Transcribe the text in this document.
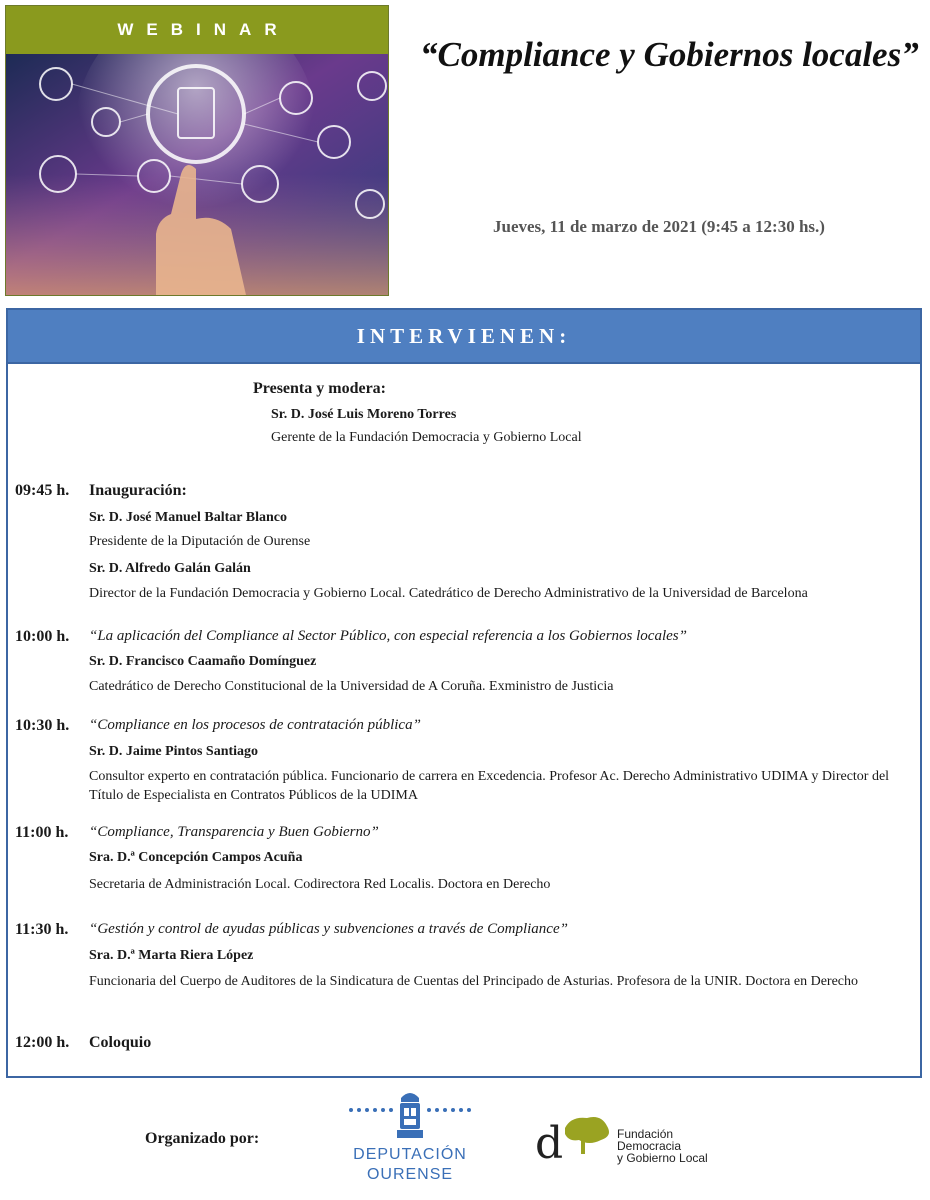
WEBINAR
“Compliance y Gobiernos locales”
Jueves, 11 de marzo de 2021 (9:45 a 12:30 hs.)
INTERVIENEN:
Presenta y modera:
Sr. D. José Luis Moreno Torres
Gerente de la Fundación Democracia y Gobierno Local
09:45 h. Inauguración:
Sr. D. José Manuel Baltar Blanco
Presidente de la Diputación de Ourense
Sr. D. Alfredo Galán Galán
Director de la Fundación Democracia y Gobierno Local. Catedrático de Derecho Administrativo de la Universidad de Barcelona
10:00 h. “La aplicación del Compliance al Sector Público, con especial referencia a los Gobiernos locales”
Sr. D. Francisco Caamaño Domínguez
Catedrático de Derecho Constitucional de la Universidad de A Coruña. Exministro de Justicia
10:30 h. “Compliance en los procesos de contratación pública”
Sr. D. Jaime Pintos Santiago
Consultor experto en contratación pública. Funcionario de carrera en Excedencia. Profesor Ac. Derecho Administrativo UDIMA y Director del Título de Especialista en Contratos Públicos de la UDIMA
11:00 h. “Compliance, Transparencia y Buen Gobierno”
Sra. D.ª Concepción Campos Acuña
Secretaria de Administración Local. Codirectora Red Localis. Doctora en Derecho
11:30 h. “Gestión y control de ayudas públicas y subvenciones a través de Compliance”
Sra. D.ª Marta Riera López
Funcionaria del Cuerpo de Auditores de la Sindicatura de Cuentas del Principado de Asturias. Profesora de la UNIR. Doctora en Derecho
12:00 h. Coloquio
Organizado por:
DEPUTACIÓN
OURENSE
d	Fundación
Democracia
y Gobierno Local
